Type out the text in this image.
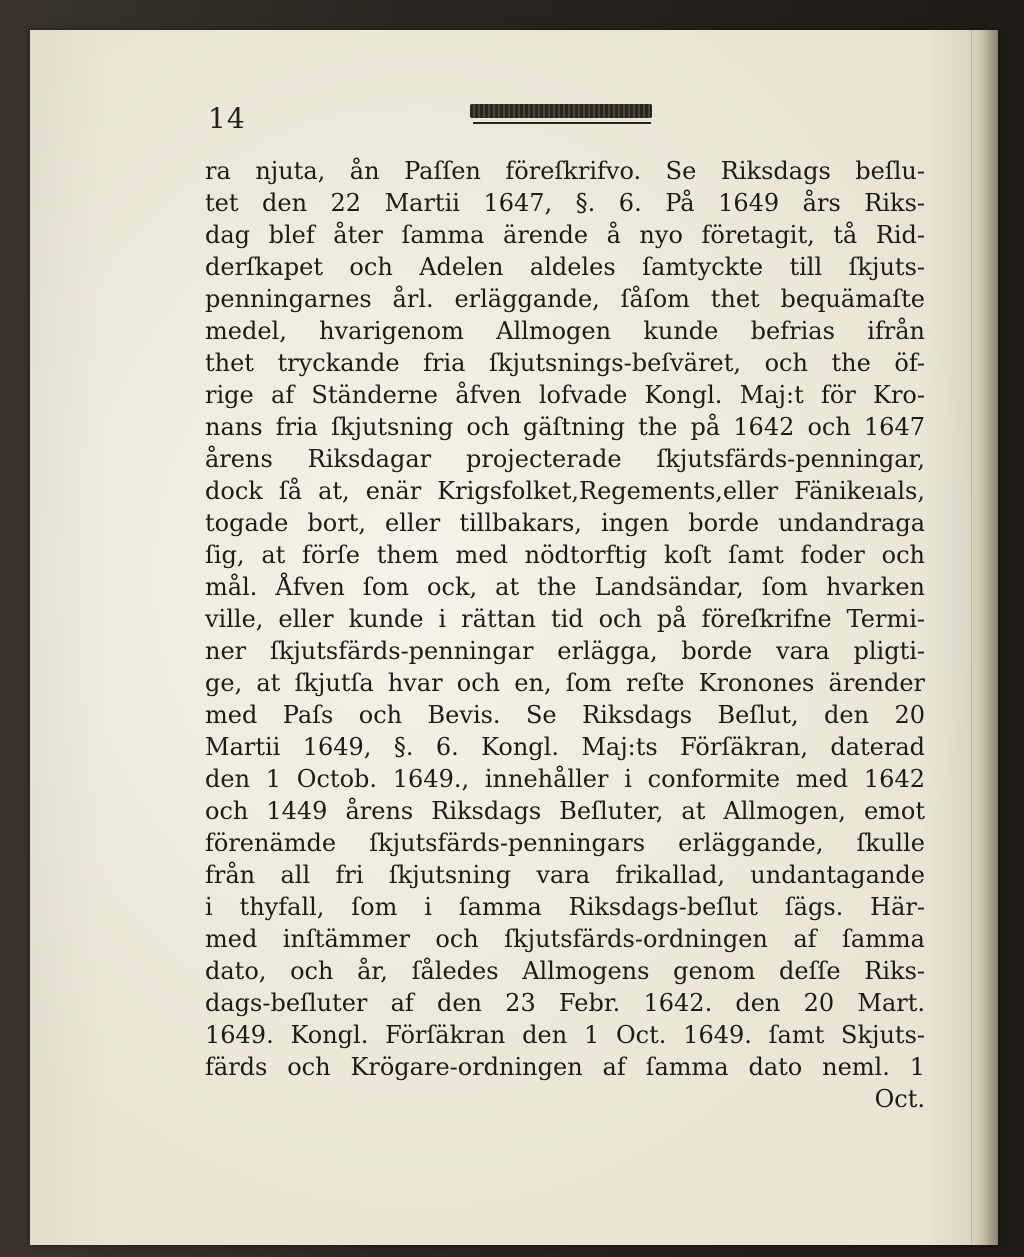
14
ra njuta, ån Paſſen föreſkrifvo. Se Riksdags beſlu-
tet den 22 Martii 1647, §. 6. På 1649 års Riks-
dag blef åter ſamma ärende å nyo företagit, tå Rid-
derſkapet och Adelen aldeles ſamtyckte till ſkjuts-
penningarnes årl. erläggande, ſåſom thet bequämaſte
medel, hvarigenom Allmogen kunde befrias ifrån
thet tryckande fria ſkjutsnings-beſväret, och the öf-
rige af Ständerne åfven lofvade Kongl. Maj:t för Kro-
nans fria ſkjutsning och gäſtning the på 1642 och 1647
årens Riksdagar projecterade ſkjutsfärds-penningar,
dock ſå at, enär Krigsfolket,Regements,eller Fänikeıals,
togade bort, eller tillbakars, ingen borde undandraga
ſig, at förſe them med nödtorftig koſt ſamt foder och
mål. Åfven ſom ock, at the Landsändar, ſom hvarken
ville, eller kunde i rättan tid och på föreſkrifne Termi-
ner ſkjutsfärds-penningar erlägga, borde vara pligti-
ge, at ſkjutſa hvar och en, ſom reſte Kronones ärender
med Paſs och Bevis. Se Riksdags Beſlut, den 20
Martii 1649, §. 6. Kongl. Maj:ts Förſäkran, daterad
den 1 Octob. 1649., innehåller i conformite med 1642
och 1449 årens Riksdags Beſluter, at Allmogen, emot
förenämde ſkjutsfärds-penningars erläggande, ſkulle
från all fri ſkjutsning vara frikallad, undantagande
i thyfall, ſom i ſamma Riksdags-beſlut ſägs. Här-
med inſtämmer och ſkjutsfärds-ordningen af ſamma
dato, och år, ſåledes Allmogens genom deſſe Riks-
dags-beſluter af den 23 Febr. 1642. den 20 Mart.
1649. Kongl. Förſäkran den 1 Oct. 1649. ſamt Skjuts-
färds och Krögare-ordningen af ſamma dato neml. 1
Oct.
